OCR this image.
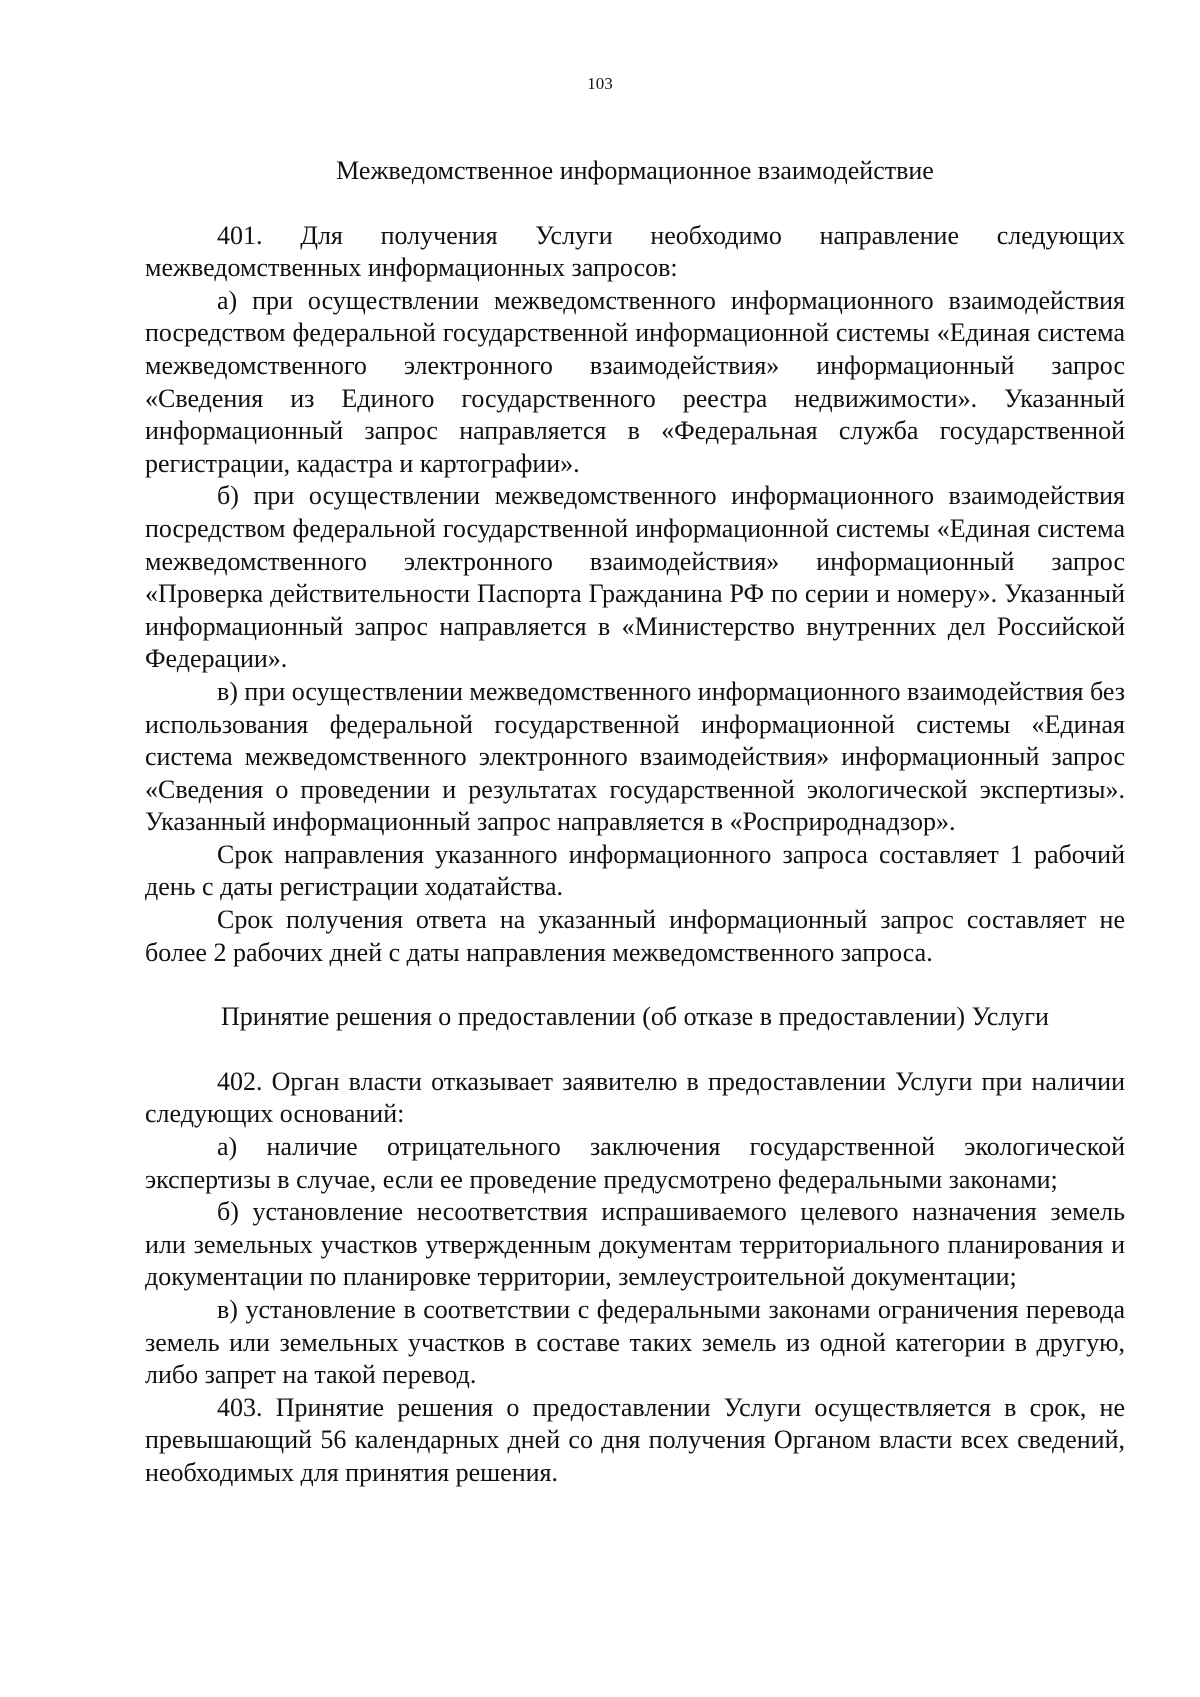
103
Межведомственное информационное взаимодействие

401. Для получения Услуги необходимо направление следующих межведомственных информационных запросов:

а) при осуществлении межведомственного информационного взаимодействия посредством федеральной государственной информационной системы «Единая система межведомственного электронного взаимодействия» информационный запрос «Сведения из Единого государственного реестра недвижимости». Указанный информационный запрос направляется в «Федеральная служба государственной регистрации, кадастра и картографии».

б) при осуществлении межведомственного информационного взаимодействия посредством федеральной государственной информационной системы «Единая система межведомственного электронного взаимодействия» информационный запрос «Проверка действительности Паспорта Гражданина РФ по серии и номеру». Указанный информационный запрос направляется в «Министерство внутренних дел Российской Федерации».

в) при осуществлении межведомственного информационного взаимодействия без использования федеральной государственной информационной системы «Единая система межведомственного электронного взаимодействия» информационный запрос «Сведения о проведении и результатах государственной экологической экспертизы». Указанный информационный запрос направляется в «Росприроднадзор».

Срок направления указанного информационного запроса составляет 1 рабочий день с даты регистрации ходатайства.

Срок получения ответа на указанный информационный запрос составляет не более 2 рабочих дней с даты направления межведомственного запроса.

Принятие решения о предоставлении (об отказе в предоставлении) Услуги

402. Орган власти отказывает заявителю в предоставлении Услуги при наличии следующих оснований:

а) наличие отрицательного заключения государственной экологической экспертизы в случае, если ее проведение предусмотрено федеральными законами;

б) установление несоответствия испрашиваемого целевого назначения земель или земельных участков утвержденным документам территориального планирования и документации по планировке территории, землеустроительной документации;

в) установление в соответствии с федеральными законами ограничения перевода земель или земельных участков в составе таких земель из одной категории в другую, либо запрет на такой перевод.

403. Принятие решения о предоставлении Услуги осуществляется в срок, не превышающий 56 календарных дней со дня получения Органом власти всех сведений, необходимых для принятия решения.
